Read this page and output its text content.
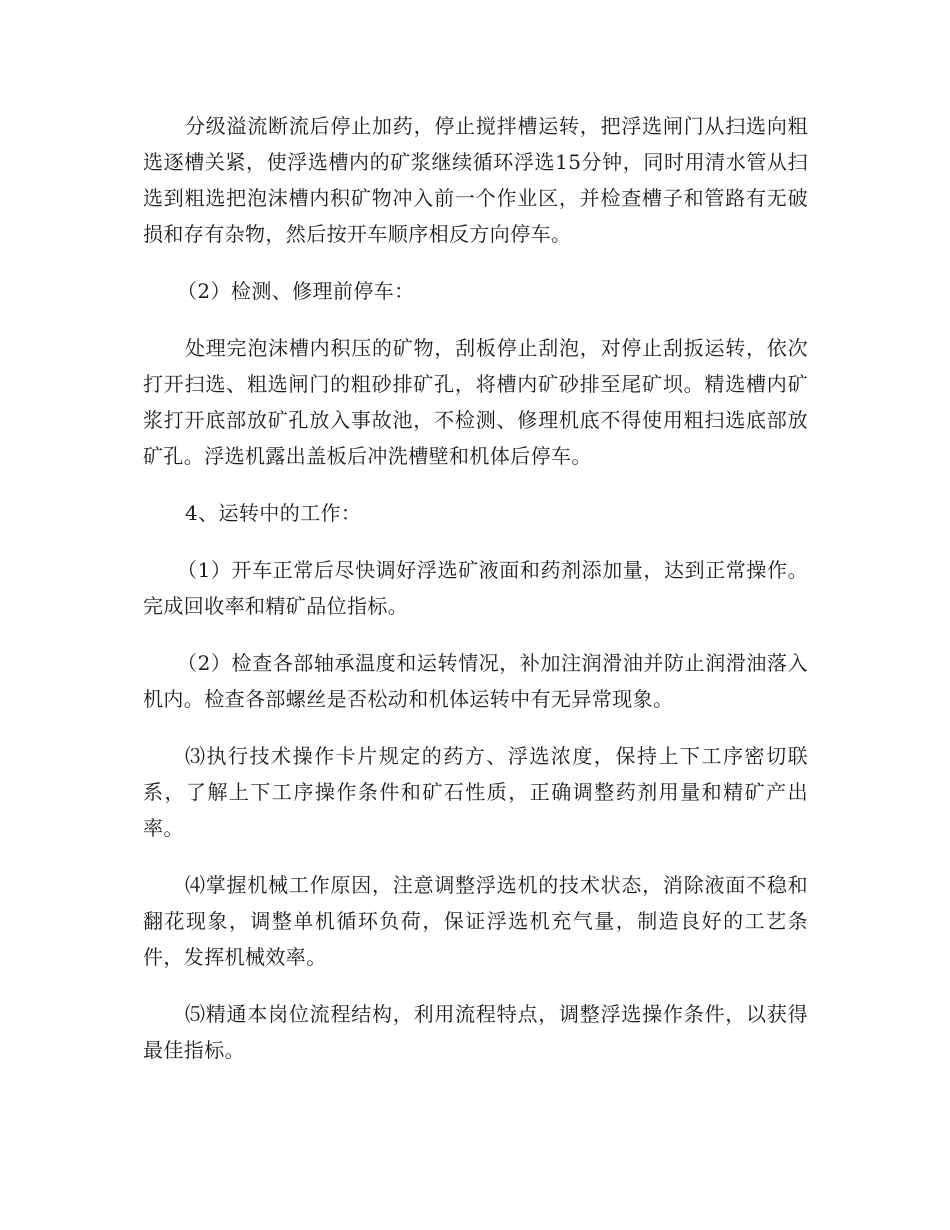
分级溢流断流后停止加药，停止搅拌槽运转，把浮选闸门从扫选向粗选逐槽关紧，使浮选槽内的矿浆继续循环浮选15分钟，同时用清水管从扫选到粗选把泡沫槽内积矿物冲入前一个作业区，并检查槽子和管路有无破损和存有杂物，然后按开车顺序相反方向停车。

（2）检测、修理前停车：

处理完泡沫槽内积压的矿物，刮板停止刮泡，对停止刮扳运转，依次打开扫选、粗选闸门的粗砂排矿孔，将槽内矿砂排至尾矿坝。精选槽内矿浆打开底部放矿孔放入事故池，不检测、修理机底不得使用粗扫选底部放矿孔。浮选机露出盖板后冲洗槽壁和机体后停车。

4、运转中的工作：

（1）开车正常后尽快调好浮选矿液面和药剂添加量，达到正常操作。完成回收率和精矿品位指标。

（2）检查各部轴承温度和运转情况，补加注润滑油并防止润滑油落入机内。检查各部螺丝是否松动和机体运转中有无异常现象。

⑶执行技术操作卡片规定的药方、浮选浓度，保持上下工序密切联系，了解上下工序操作条件和矿石性质，正确调整药剂用量和精矿产出率。

⑷掌握机械工作原因，注意调整浮选机的技术状态，消除液面不稳和翻花现象，调整单机循环负荷，保证浮选机充气量，制造良好的工艺条件，发挥机械效率。

⑸精通本岗位流程结构，利用流程特点，调整浮选操作条件，以获得最佳指标。
